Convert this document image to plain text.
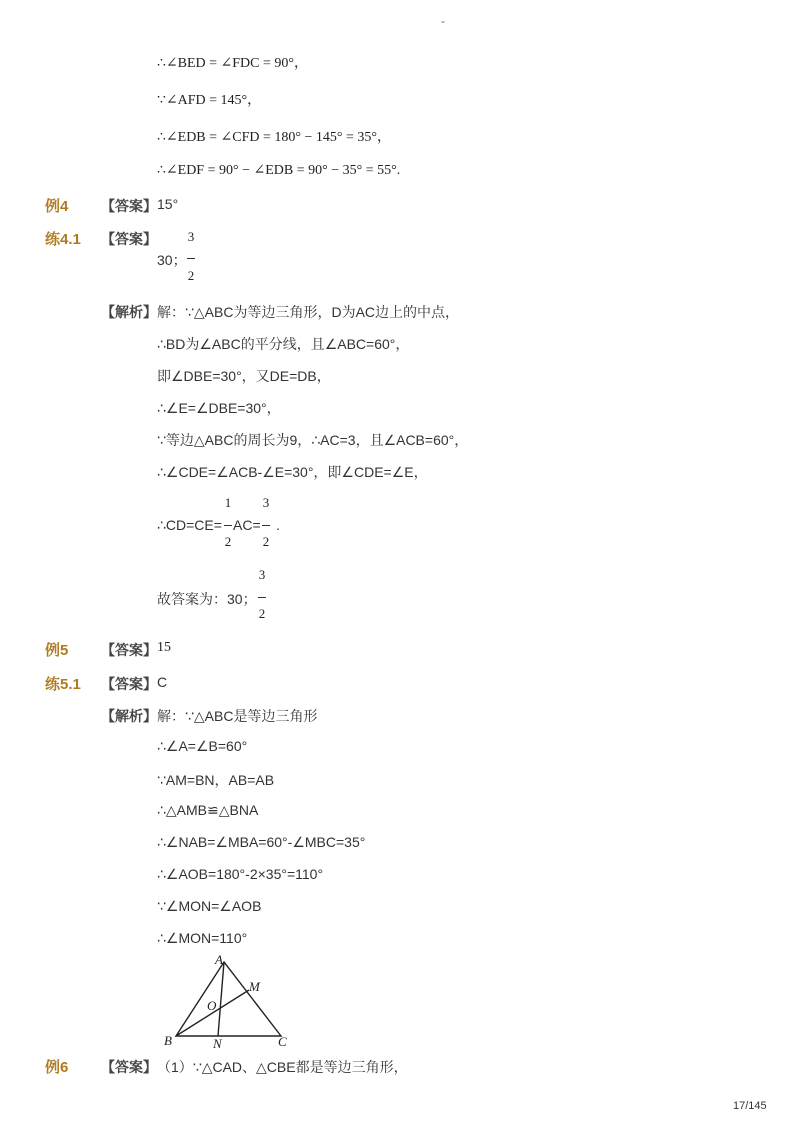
-
∴∠BED = ∠FDC = 90°，
∵∠AFD = 145°，
∴∠EDB = ∠CFD = 180° − 145° = 35°，
∴∠EDF = 90° − ∠EDB = 90° − 35° = 55°.
例4 【答案】 15°
练4.1 【答案】
30；
3
2
【解析】 解：∵△ABC为等边三角形，D为AC边上的中点，
∴BD为∠ABC的平分线，且∠ABC=60°，
即∠DBE=30°，又DE=DB，
∴∠E=∠DBE=30°，
∵等边△ABC的周长为9，∴AC=3，且∠ACB=60°，
∴∠CDE=∠ACB-∠E=30°，即∠CDE=∠E，
∴CD=CE=
1
2
AC=
3
2
.
故答案为：30；
3
2
例5 【答案】 15
练5.1 【答案】 C
【解析】 解：∵△ABC是等边三角形
∴∠A=∠B=60°
∵AM=BN，AB=AB
∴△AMB≌△BNA
∴∠NAB=∠MBA=60°-∠MBC=35°
∴∠AOB=180°-2×35°=110°
∵∠MON=∠AOB
∴∠MON=110°
A
B	C
M
N
O
例6 【答案】 （1）∵△CAD、△CBE都是等边三角形，
17/145
